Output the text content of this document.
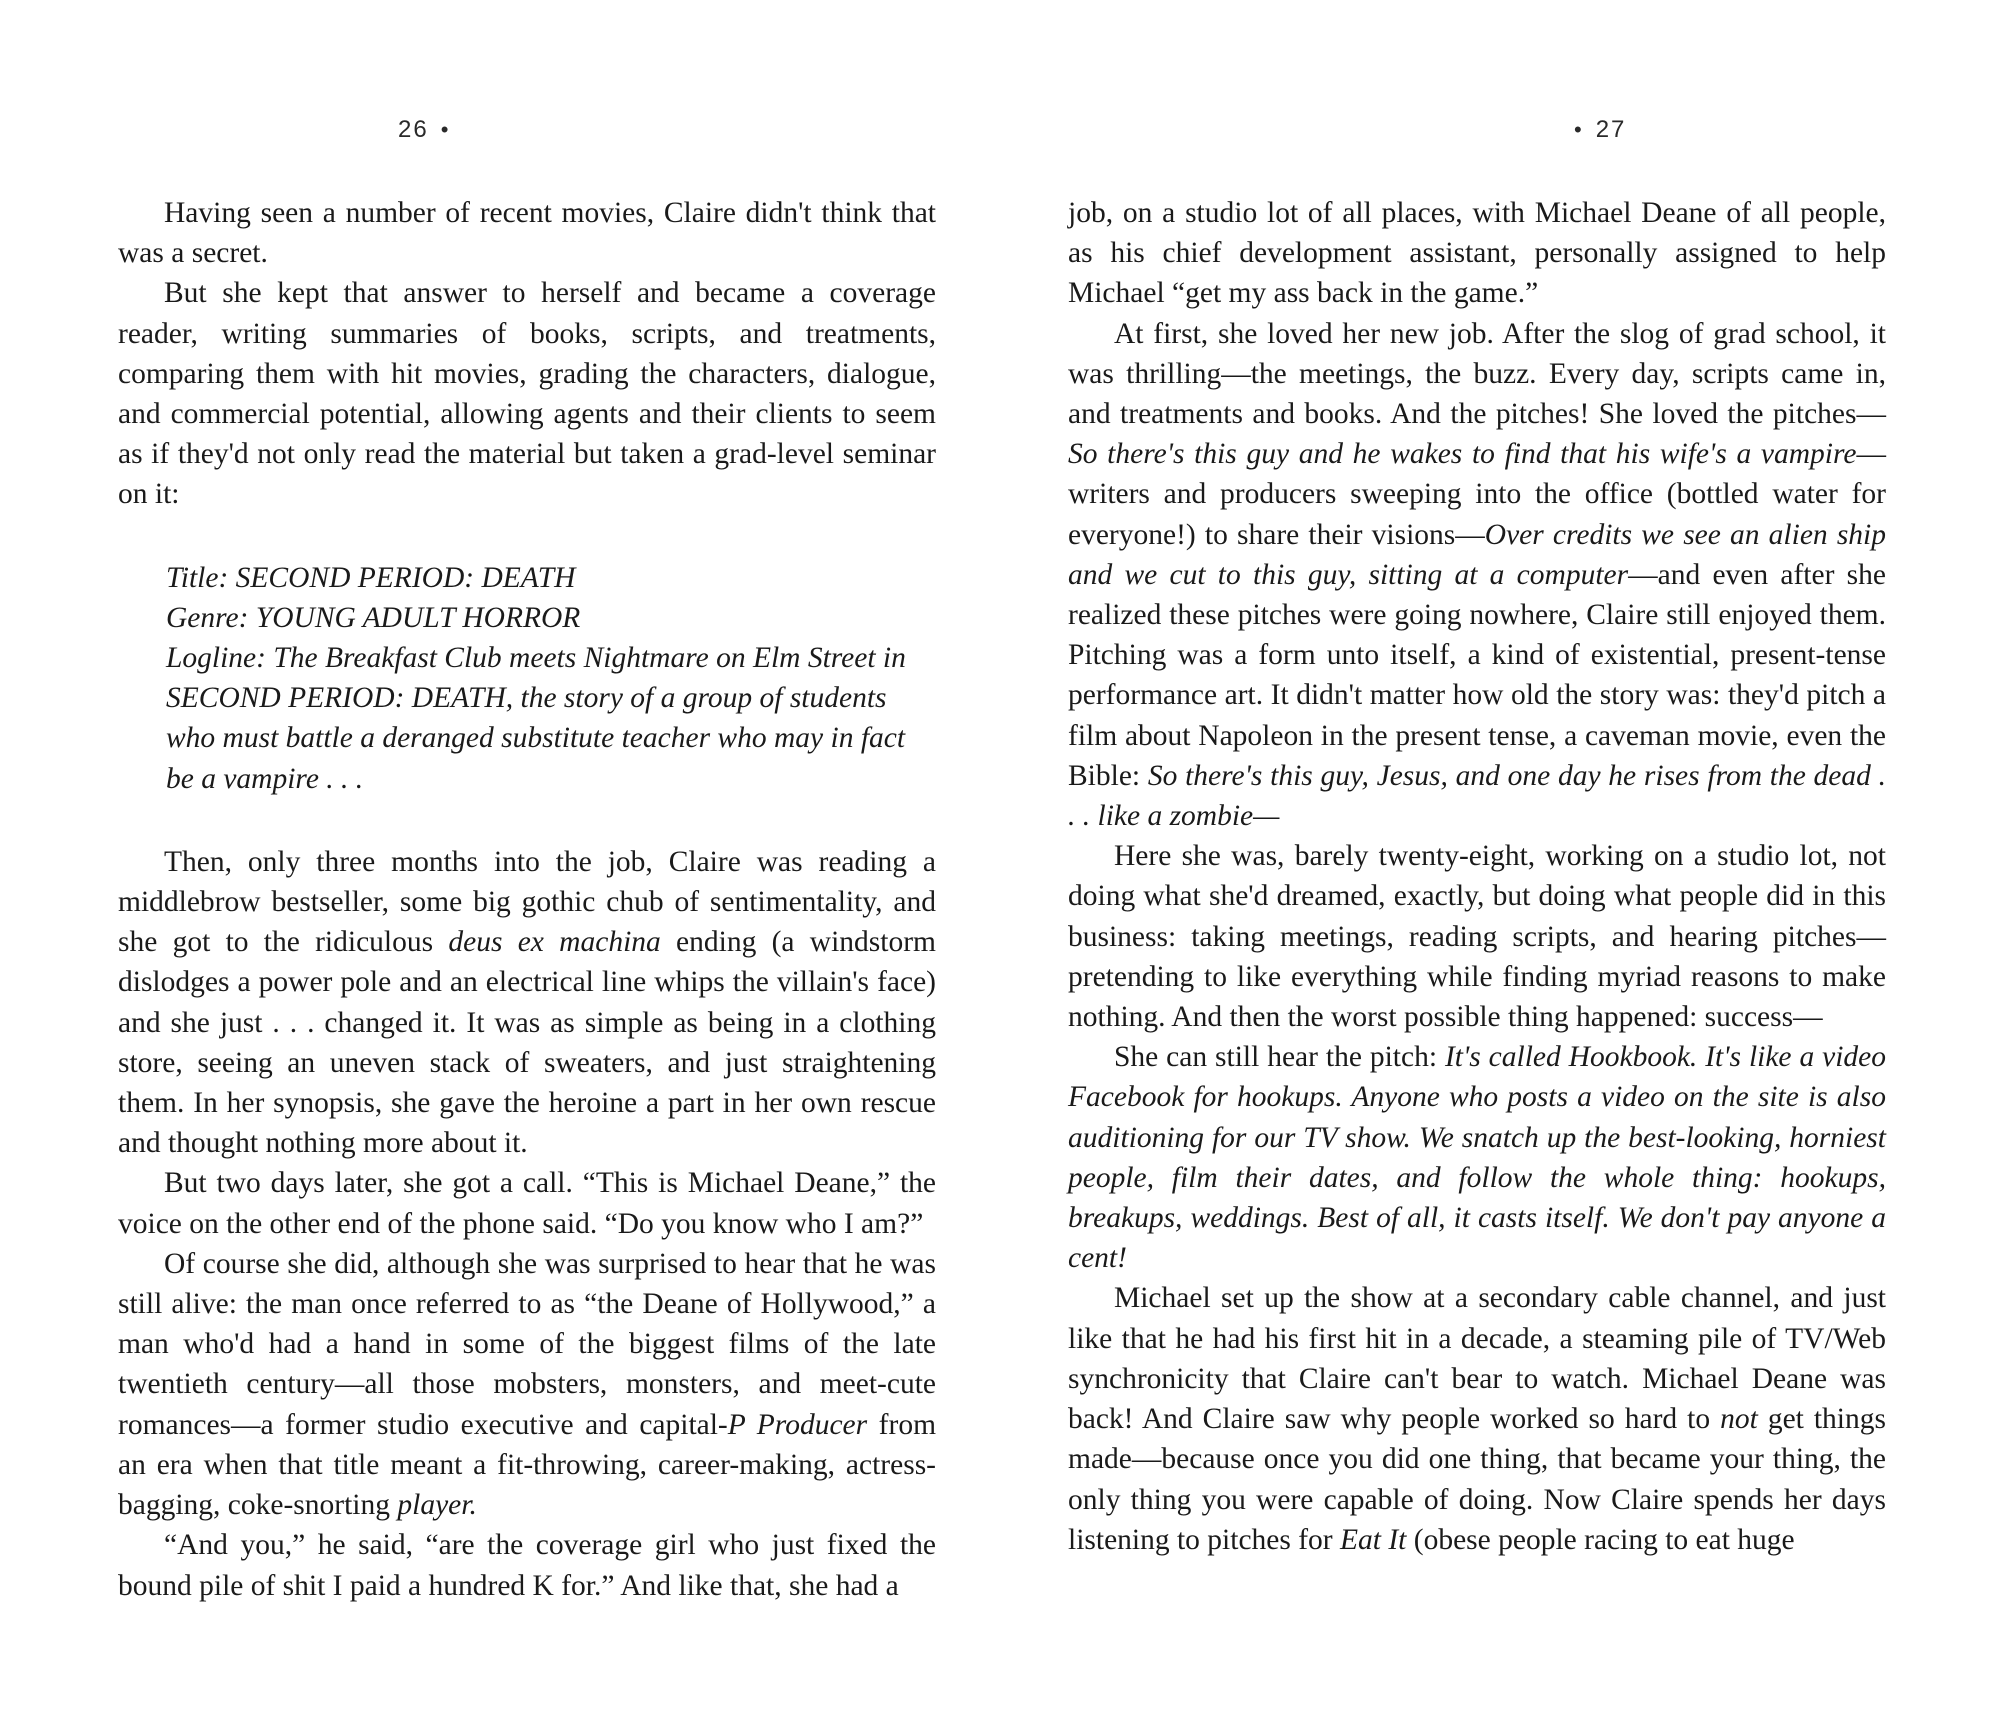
26 •	• 27

Having seen a number of recent movies, Claire didn't think that was a secret.

But she kept that answer to herself and became a coverage reader, writing summaries of books, scripts, and treatments, comparing them with hit movies, grading the characters, dialogue, and commercial potential, allowing agents and their clients to seem as if they'd not only read the material but taken a grad-level seminar on it:

Title: SECOND PERIOD: DEATH
Genre: YOUNG ADULT HORROR
Logline: The Breakfast Club meets Nightmare on Elm Street in SECOND PERIOD: DEATH, the story of a group of students who must battle a deranged substitute teacher who may in fact be a vampire . . .

Then, only three months into the job, Claire was reading a middlebrow bestseller, some big gothic chub of sentimentality, and she got to the ridiculous deus ex machina ending (a windstorm dislodges a power pole and an electrical line whips the villain's face) and she just . . . changed it. It was as simple as being in a clothing store, seeing an uneven stack of sweaters, and just straightening them. In her synopsis, she gave the heroine a part in her own rescue and thought nothing more about it.

But two days later, she got a call. “This is Michael Deane,” the voice on the other end of the phone said. “Do you know who I am?”

Of course she did, although she was surprised to hear that he was still alive: the man once referred to as “the Deane of Hollywood,” a man who'd had a hand in some of the biggest films of the late twentieth century—all those mobsters, monsters, and meet-cute romances—a former studio executive and capital-P Producer from an era when that title meant a fit-throwing, career-making, actress-bagging, coke-snorting player.

“And you,” he said, “are the coverage girl who just fixed the bound pile of shit I paid a hundred K for.” And like that, she had a

job, on a studio lot of all places, with Michael Deane of all people, as his chief development assistant, personally assigned to help Michael “get my ass back in the game.”

At first, she loved her new job. After the slog of grad school, it was thrilling—the meetings, the buzz. Every day, scripts came in, and treatments and books. And the pitches! She loved the pitches—So there's this guy and he wakes to find that his wife's a vampire—writers and producers sweeping into the office (bottled water for everyone!) to share their visions—Over credits we see an alien ship and we cut to this guy, sitting at a computer—and even after she realized these pitches were going nowhere, Claire still enjoyed them. Pitching was a form unto itself, a kind of existential, present-tense performance art. It didn't matter how old the story was: they'd pitch a film about Napoleon in the present tense, a caveman movie, even the Bible: So there's this guy, Jesus, and one day he rises from the dead . . . like a zombie—

Here she was, barely twenty-eight, working on a studio lot, not doing what she'd dreamed, exactly, but doing what people did in this business: taking meetings, reading scripts, and hearing pitches—pretending to like everything while finding myriad reasons to make nothing. And then the worst possible thing happened: success—

She can still hear the pitch: It's called Hookbook. It's like a video Facebook for hookups. Anyone who posts a video on the site is also auditioning for our TV show. We snatch up the best-looking, horniest people, film their dates, and follow the whole thing: hookups, breakups, weddings. Best of all, it casts itself. We don't pay anyone a cent!

Michael set up the show at a secondary cable channel, and just like that he had his first hit in a decade, a steaming pile of TV/Web synchronicity that Claire can't bear to watch. Michael Deane was back! And Claire saw why people worked so hard to not get things made—because once you did one thing, that became your thing, the only thing you were capable of doing. Now Claire spends her days listening to pitches for Eat It (obese people racing to eat huge
